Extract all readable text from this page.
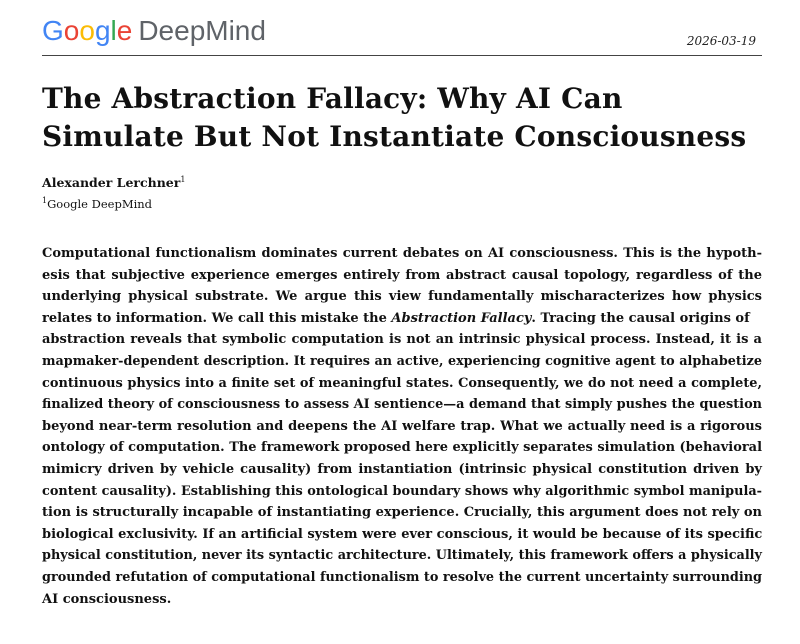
Google DeepMind	2026-03-19
The Abstraction Fallacy: Why AI Can
Simulate But Not Instantiate Consciousness
Alexander Lerchner$^1$
$^1$Google DeepMind
Computational functionalism dominates current debates on AI consciousness. This is the hypoth-
esis that subjective experience emerges entirely from abstract causal topology, regardless of the
underlying physical substrate. We argue this view fundamentally mischaracterizes how physics
relates to information. We call this mistake the Abstraction Fallacy. Tracing the causal origins of
abstraction reveals that symbolic computation is not an intrinsic physical process. Instead, it is a
mapmaker-dependent description. It requires an active, experiencing cognitive agent to alphabetize
continuous physics into a finite set of meaningful states. Consequently, we do not need a complete,
finalized theory of consciousness to assess AI sentience—a demand that simply pushes the question
beyond near-term resolution and deepens the AI welfare trap. What we actually need is a rigorous
ontology of computation. The framework proposed here explicitly separates simulation (behavioral
mimicry driven by vehicle causality) from instantiation (intrinsic physical constitution driven by
content causality). Establishing this ontological boundary shows why algorithmic symbol manipula-
tion is structurally incapable of instantiating experience. Crucially, this argument does not rely on
biological exclusivity. If an artificial system were ever conscious, it would be because of its specific
physical constitution, never its syntactic architecture. Ultimately, this framework offers a physically
grounded refutation of computational functionalism to resolve the current uncertainty surrounding
AI consciousness.
